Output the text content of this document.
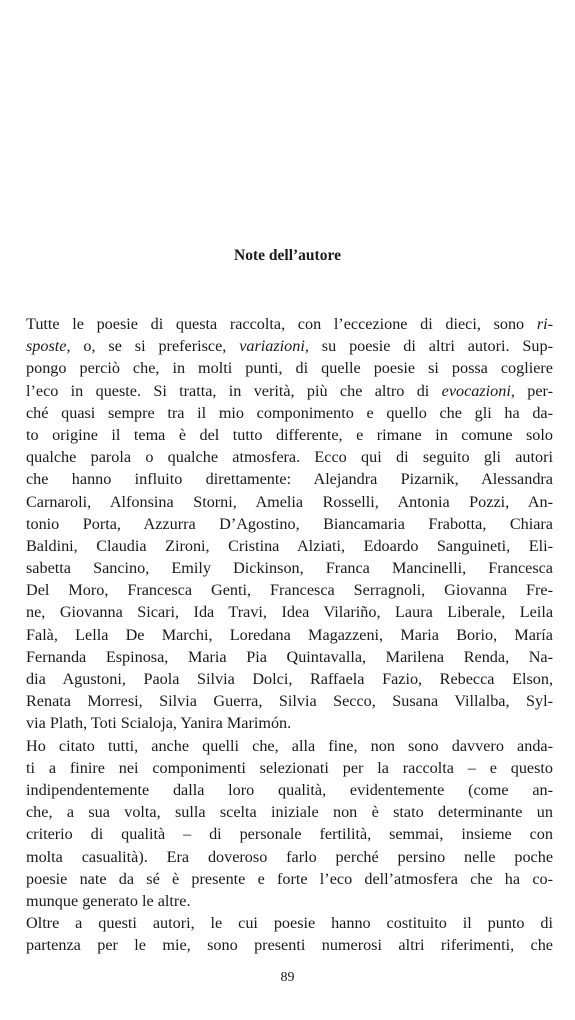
Note dell’autore
Tutte le poesie di questa raccolta, con l’eccezione di dieci, sono ri-
sposte, o, se si preferisce, variazioni, su poesie di altri autori. Sup-
pongo perciò che, in molti punti, di quelle poesie si possa cogliere
l’eco in queste. Si tratta, in verità, più che altro di evocazioni, per-
ché quasi sempre tra il mio componimento e quello che gli ha da-
to origine il tema è del tutto differente, e rimane in comune solo
qualche parola o qualche atmosfera. Ecco qui di seguito gli autori
che hanno influito direttamente: Alejandra Pizarnik, Alessandra
Carnaroli, Alfonsina Storni, Amelia Rosselli, Antonia Pozzi, An-
tonio Porta, Azzurra D’Agostino, Biancamaria Frabotta, Chiara
Baldini, Claudia Zironi, Cristina Alziati, Edoardo Sanguineti, Eli-
sabetta Sancino, Emily Dickinson, Franca Mancinelli, Francesca
Del Moro, Francesca Genti, Francesca Serragnoli, Giovanna Fre-
ne, Giovanna Sicari, Ida Travi, Idea Vilariño, Laura Liberale, Leila
Falà, Lella De Marchi, Loredana Magazzeni, Maria Borio, María
Fernanda Espinosa, Maria Pia Quintavalla, Marilena Renda, Na-
dia Agustoni, Paola Silvia Dolci, Raffaela Fazio, Rebecca Elson,
Renata Morresi, Silvia Guerra, Silvia Secco, Susana Villalba, Syl-
via Plath, Toti Scialoja, Yanira Marimón.
Ho citato tutti, anche quelli che, alla fine, non sono davvero anda-
ti a finire nei componimenti selezionati per la raccolta – e questo
indipendentemente dalla loro qualità, evidentemente (come an-
che, a sua volta, sulla scelta iniziale non è stato determinante un
criterio di qualità – di personale fertilità, semmai, insieme con
molta casualità). Era doveroso farlo perché persino nelle poche
poesie nate da sé è presente e forte l’eco dell’atmosfera che ha co-
munque generato le altre.
Oltre a questi autori, le cui poesie hanno costituito il punto di
partenza per le mie, sono presenti numerosi altri riferimenti, che
89
